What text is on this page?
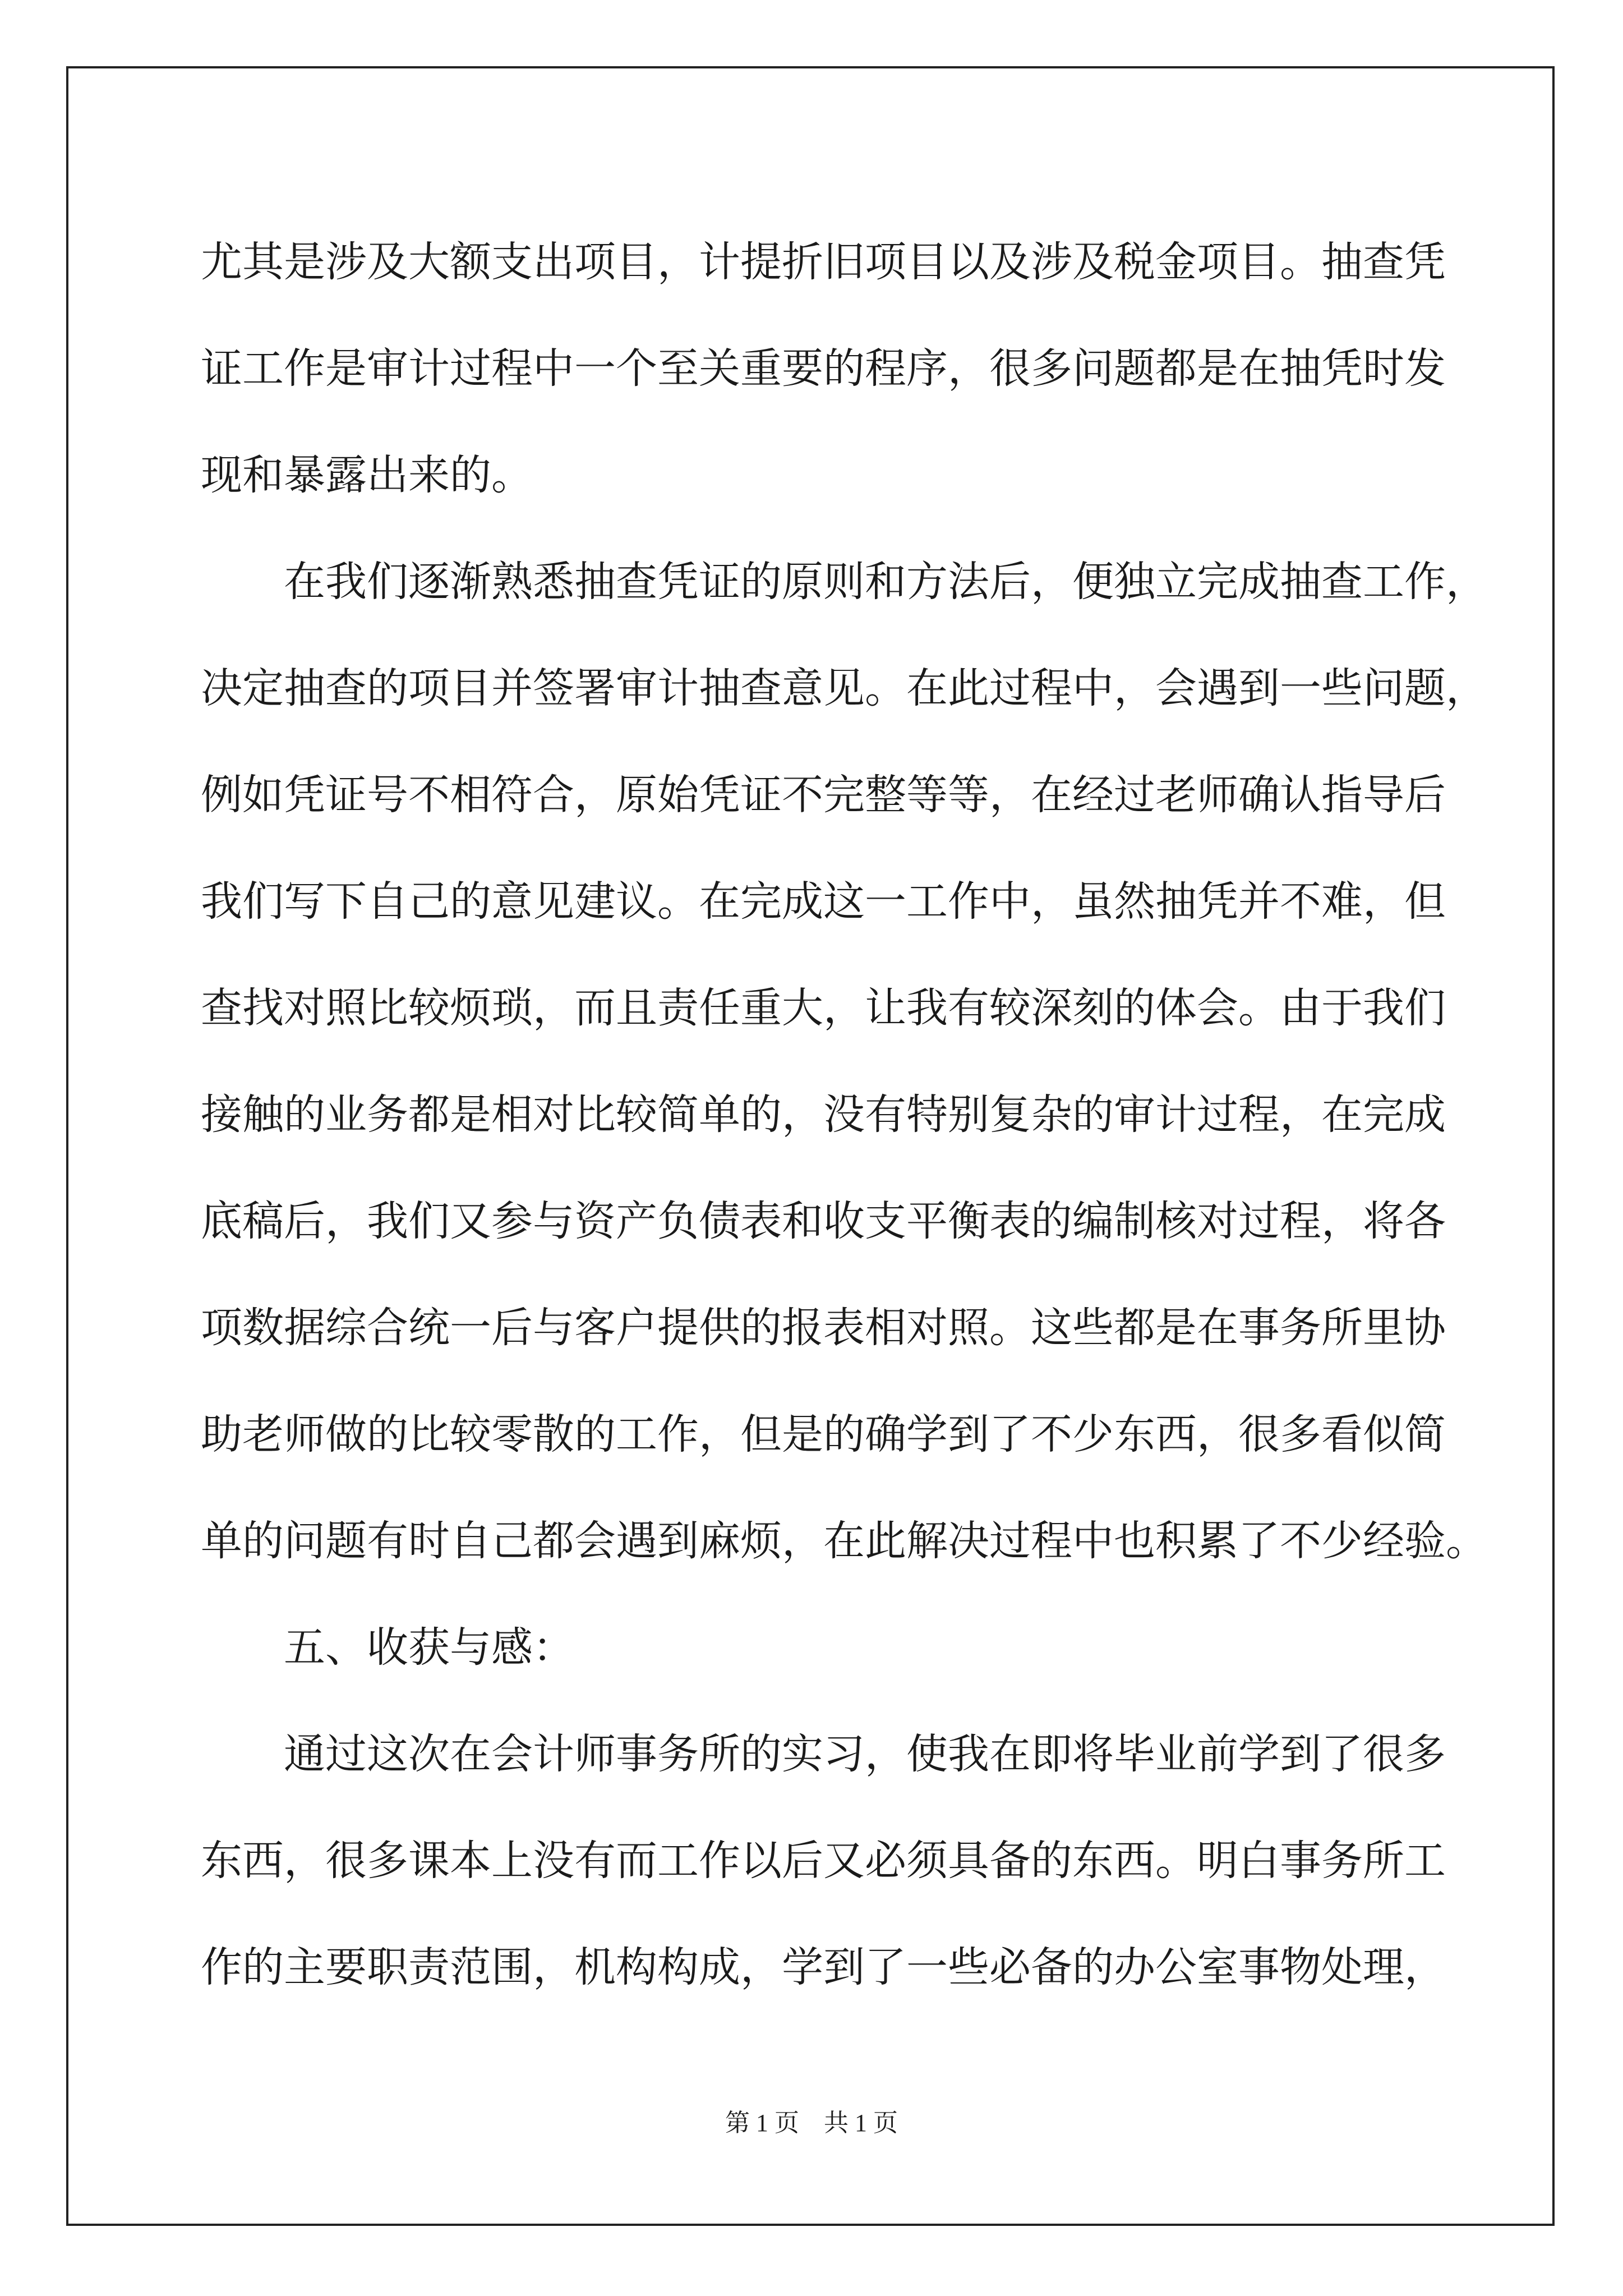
尤其是涉及大额支出项目，计提折旧项目以及涉及税金项目。抽查凭
证工作是审计过程中一个至关重要的程序，很多问题都是在抽凭时发
现和暴露出来的。
　　在我们逐渐熟悉抽查凭证的原则和方法后，便独立完成抽查工作，
决定抽查的项目并签署审计抽查意见。在此过程中，会遇到一些问题，
例如凭证号不相符合，原始凭证不完整等等，在经过老师确认指导后
我们写下自己的意见建议。在完成这一工作中，虽然抽凭并不难，但
查找对照比较烦琐，而且责任重大，让我有较深刻的体会。由于我们
接触的业务都是相对比较简单的，没有特别复杂的审计过程，在完成
底稿后，我们又参与资产负债表和收支平衡表的编制核对过程，将各
项数据综合统一后与客户提供的报表相对照。这些都是在事务所里协
助老师做的比较零散的工作，但是的确学到了不少东西，很多看似简
单的问题有时自己都会遇到麻烦，在此解决过程中也积累了不少经验。
　　五、收获与感：
　　通过这次在会计师事务所的实习，使我在即将毕业前学到了很多
东西，很多课本上没有而工作以后又必须具备的东西。明白事务所工
作的主要职责范围，机构构成，学到了一些必备的办公室事物处理，
第 1 页    共 1 页
